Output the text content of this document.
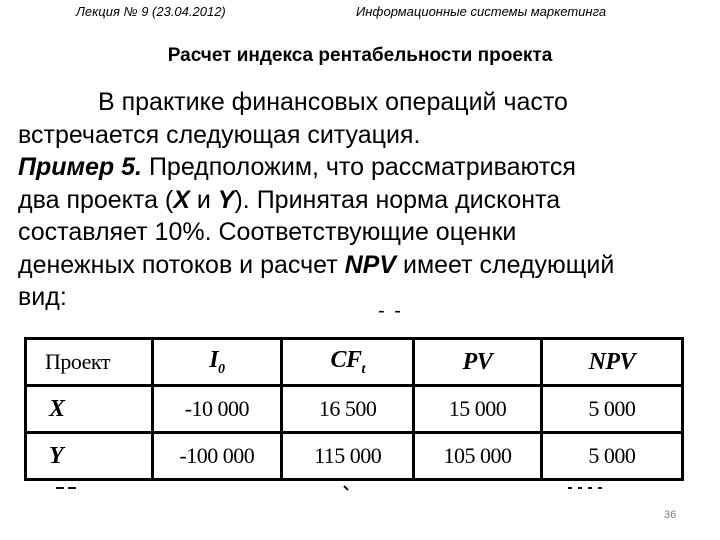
Лекция № 9 (23.04.2012)	Информационные системы маркетинга
Расчет индекса рентабельности проекта
В практике финансовых операций часто
встречается следующая ситуация.
Пример 5. Предположим, что рассматриваются
два проекта (X и Y). Принятая норма дисконта
составляет 10%. Соответствующие оценки
денежных потоков и расчет NPV имеет следующий
вид:	- -
Проект	$I_0$	$CF_t$	PV	NPV
X	-10 000	16 500	15 000	5 000
Y	-100 000	115 000	105 000	5 000
36
